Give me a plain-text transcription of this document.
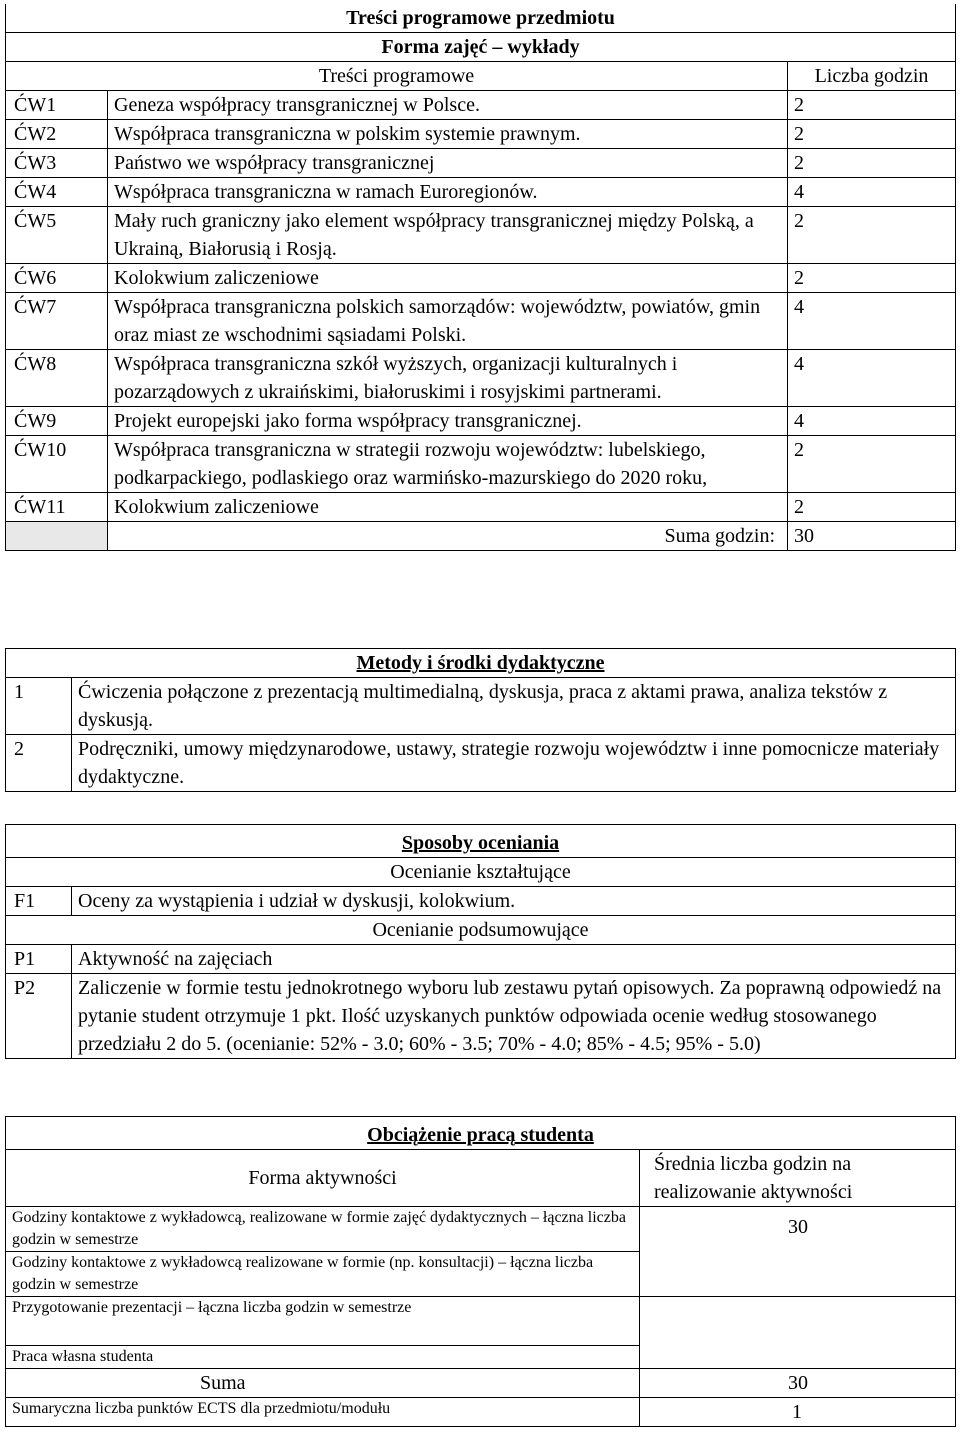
Treści programowe przedmiotu		
Forma zajęć – wykłady		
Treści programowe		Liczba godzin
ĆW1	Geneza współpracy transgranicznej w Polsce.	2
ĆW2	Współpraca transgraniczna w polskim systemie prawnym.	2
ĆW3	Państwo we współpracy transgranicznej	2
ĆW4	Współpraca transgraniczna w ramach Euroregionów.	4
ĆW5	Mały ruch graniczny jako element współpracy transgranicznej między Polską, a Ukrainą, Białorusią i Rosją.	2
ĆW6	Kolokwium zaliczeniowe	2
ĆW7	Współpraca transgraniczna polskich samorządów: województw, powiatów, gmin oraz miast ze wschodnimi sąsiadami Polski.	4
ĆW8	Współpraca transgraniczna szkół wyższych, organizacji kulturalnych i pozarządowych z ukraińskimi, białoruskimi i rosyjskimi partnerami.	4
ĆW9	Projekt europejski jako forma współpracy transgranicznej.	4
ĆW10	Współpraca transgraniczna w strategii rozwoju województw: lubelskiego, podkarpackiego, podlaskiego oraz warmińsko-mazurskiego do 2020 roku,	2
ĆW11	Kolokwium zaliczeniowe	2
	Suma godzin:	30
Metody i środki dydaktyczne	
1	Ćwiczenia połączone z prezentacją multimedialną, dyskusja, praca z aktami prawa, analiza tekstów z dyskusją.
2	Podręczniki, umowy międzynarodowe, ustawy, strategie rozwoju województw i inne pomocnicze materiały dydaktyczne.
Sposoby oceniania	
Ocenianie kształtujące	
F1	Oceny za wystąpienia i udział w dyskusji, kolokwium.
Ocenianie podsumowujące	
P1	Aktywność na zajęciach
P2	Zaliczenie w formie testu jednokrotnego wyboru lub zestawu pytań opisowych. Za poprawną odpowiedź na pytanie student otrzymuje 1 pkt. Ilość uzyskanych punktów odpowiada ocenie według stosowanego przedziału 2 do 5. (ocenianie: 52% - 3.0; 60% - 3.5; 70% - 4.0; 85% - 4.5; 95% - 5.0)
Obciążenie pracą studenta	
Forma aktywności	Średnia liczba godzin na realizowanie aktywności
Godziny kontaktowe z wykładowcą, realizowane w formie zajęć dydaktycznych – łączna liczba godzin w semestrze	30
Godziny kontaktowe z wykładowcą realizowane w formie (np. konsultacji) – łączna liczba godzin w semestrze	
Przygotowanie prezentacji – łączna liczba godzin w semestrze	
Praca własna studenta	
Suma	30
Sumaryczna liczba punktów ECTS dla przedmiotu/modułu	1
